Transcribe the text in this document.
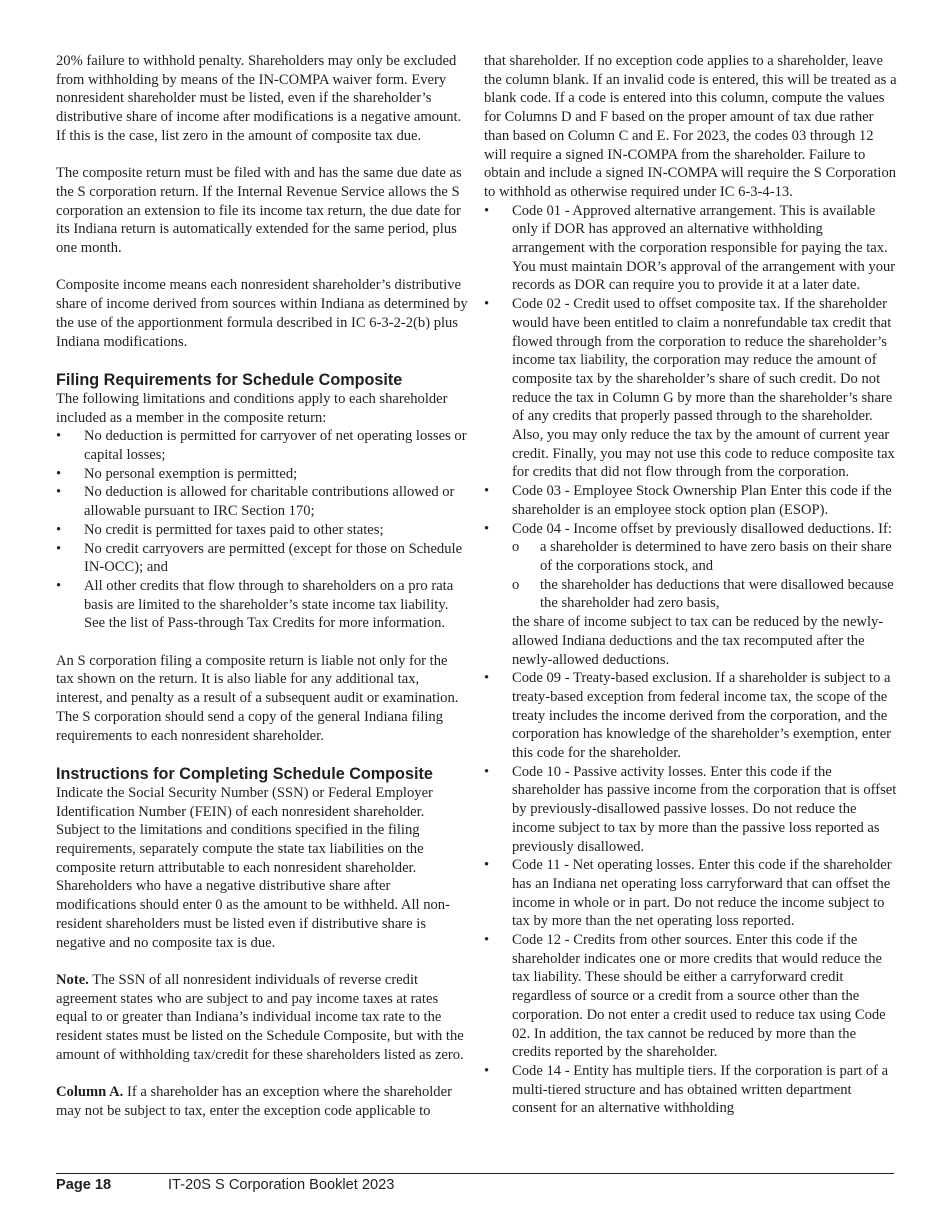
20% failure to withhold penalty. Shareholders may only be excluded from withholding by means of the IN-COMPA waiver form. Every nonresident shareholder must be listed, even if the shareholder’s distributive share of income after modifications is a negative amount. If this is the case, list zero in the amount of composite tax due.

The composite return must be filed with and has the same due date as the S corporation return. If the Internal Revenue Service allows the S corporation an extension to file its income tax return, the due date for its Indiana return is automatically extended for the same period, plus one month.

Composite income means each nonresident shareholder’s distributive share of income derived from sources within Indiana as determined by the use of the apportionment formula described in IC 6-3-2-2(b) plus Indiana modifications.

Filing Requirements for Schedule Composite

The following limitations and conditions apply to each shareholder included as a member in the composite return:

• No deduction is permitted for carryover of net operating losses or capital losses;
• No personal exemption is permitted;
• No deduction is allowed for charitable contributions allowed or allowable pursuant to IRC Section 170;
• No credit is permitted for taxes paid to other states;
• No credit carryovers are permitted (except for those on Schedule IN-OCC); and
• All other credits that flow through to shareholders on a pro rata basis are limited to the shareholder’s state income tax liability. See the list of Pass-through Tax Credits for more information.

An S corporation filing a composite return is liable not only for the tax shown on the return. It is also liable for any additional tax, interest, and penalty as a result of a subsequent audit or examination. The S corporation should send a copy of the general Indiana filing requirements to each nonresident shareholder.

Instructions for Completing Schedule Composite

Indicate the Social Security Number (SSN) or Federal Employer Identification Number (FEIN) of each nonresident shareholder. Subject to the limitations and conditions specified in the filing requirements, separately compute the state tax liabilities on the composite return attributable to each nonresident shareholder. Shareholders who have a negative distributive share after modifications should enter 0 as the amount to be withheld. All non-resident shareholders must be listed even if distributive share is negative and no composite tax is due.

Note. The SSN of all nonresident individuals of reverse credit agreement states who are subject to and pay income taxes at rates equal to or greater than Indiana’s individual income tax rate to the resident states must be listed on the Schedule Composite, but with the amount of withholding tax/credit for these shareholders listed as zero.

Column A. If a shareholder has an exception where the shareholder may not be subject to tax, enter the exception code applicable to

that shareholder. If no exception code applies to a shareholder, leave the column blank. If an invalid code is entered, this will be treated as a blank code. If a code is entered into this column, compute the values for Columns D and F based on the proper amount of tax due rather than based on Column C and E. For 2023, the codes 03 through 12 will require a signed IN-COMPA from the shareholder. Failure to obtain and include a signed IN-COMPA will require the S Corporation to withhold as otherwise required under IC 6-3-4-13.

• Code 01 - Approved alternative arrangement. This is available only if DOR has approved an alternative withholding arrangement with the corporation responsible for paying the tax. You must maintain DOR’s approval of the arrangement with your records as DOR can require you to provide it at a later date.
• Code 02 - Credit used to offset composite tax. If the shareholder would have been entitled to claim a nonrefundable tax credit that flowed through from the corporation to reduce the shareholder’s income tax liability, the corporation may reduce the amount of composite tax by the shareholder’s share of such credit. Do not reduce the tax in Column G by more than the shareholder’s share of any credits that properly passed through to the shareholder. Also, you may only reduce the tax by the amount of current year credit. Finally, you may not use this code to reduce composite tax for credits that did not flow through from the corporation.
• Code 03 - Employee Stock Ownership Plan Enter this code if the shareholder is an employee stock option plan (ESOP).
• Code 04 - Income offset by previously disallowed deductions. If:
o a shareholder is determined to have zero basis on their share of the corporations stock, and
o the shareholder has deductions that were disallowed because the shareholder had zero basis,
the share of income subject to tax can be reduced by the newly-allowed Indiana deductions and the tax recomputed after the newly-allowed deductions.
• Code 09 - Treaty-based exclusion. If a shareholder is subject to a treaty-based exception from federal income tax, the scope of the treaty includes the income derived from the corporation, and the corporation has knowledge of the shareholder’s exemption, enter this code for the shareholder.
• Code 10 - Passive activity losses. Enter this code if the shareholder has passive income from the corporation that is offset by previously-disallowed passive losses. Do not reduce the income subject to tax by more than the passive loss reported as previously disallowed.
• Code 11 - Net operating losses. Enter this code if the shareholder has an Indiana net operating loss carryforward that can offset the income in whole or in part. Do not reduce the income subject to tax by more than the net operating loss reported.
• Code 12 - Credits from other sources. Enter this code if the shareholder indicates one or more credits that would reduce the tax liability. These should be either a carryforward credit regardless of source or a credit from a source other than the corporation. Do not enter a credit used to reduce tax using Code 02. In addition, the tax cannot be reduced by more than the credits reported by the shareholder.
• Code 14 - Entity has multiple tiers. If the corporation is part of a multi-tiered structure and has obtained written department consent for an alternative withholding
Page 18	IT-20S S Corporation Booklet 2023
